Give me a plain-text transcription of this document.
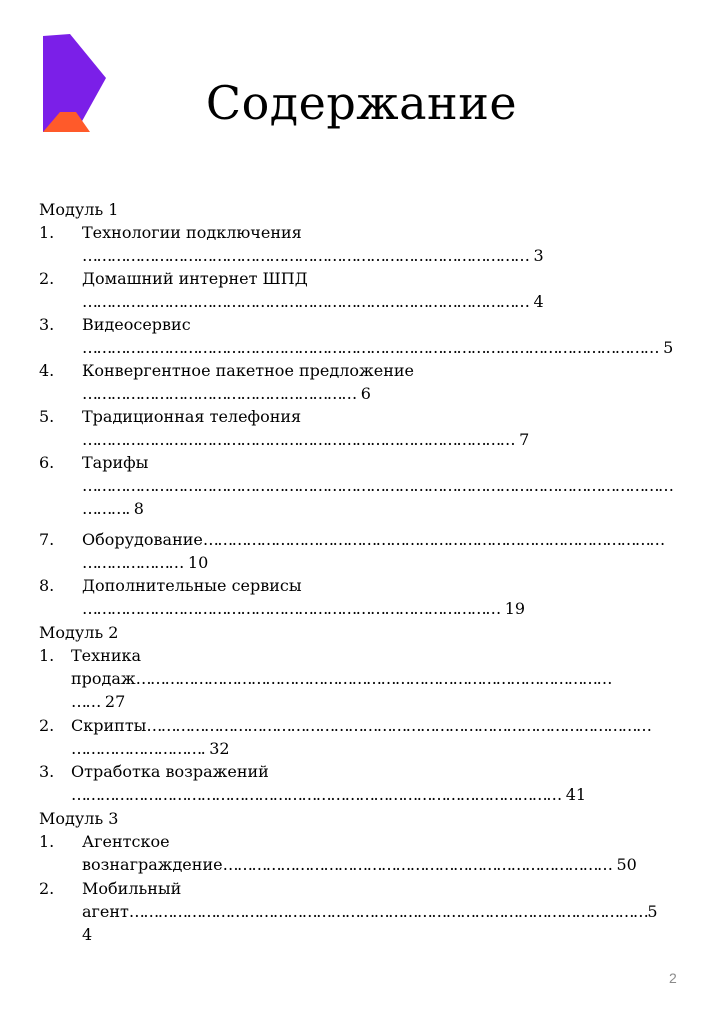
Содержание
Модуль 1
1. Технологии подключения
………………………………………………………………………………… 3
2. Домашний интернет ШПД
………………………………………………………………………………… 4
3. Видеосервис
………………………………………………………………………………………………………… 5
4. Конвергентное пакетное предложение
………………………………………………… 6
5. Традиционная телефония
……………………………………………………………………………… 7
6. Тарифы
……………………………………………………………………………………………………………
………. 8
7. Оборудование……………………………………………………………………………………
………………… 10
8. Дополнительные сервисы
…………………………………………………………………………… 19
Модуль 2
1. Техника
продаж………………………………………………………………………………………
…… 27
2. Скрипты……………………………………………………………………………………………
………………………. 32
3. Отработка возражений
………………………………………………………………………………………… 41
Модуль 3
1. Агентское
вознаграждение……………………………………………………………………… 50
2. Мобильный
агент………………………………………………………………………………………………5
4
2
